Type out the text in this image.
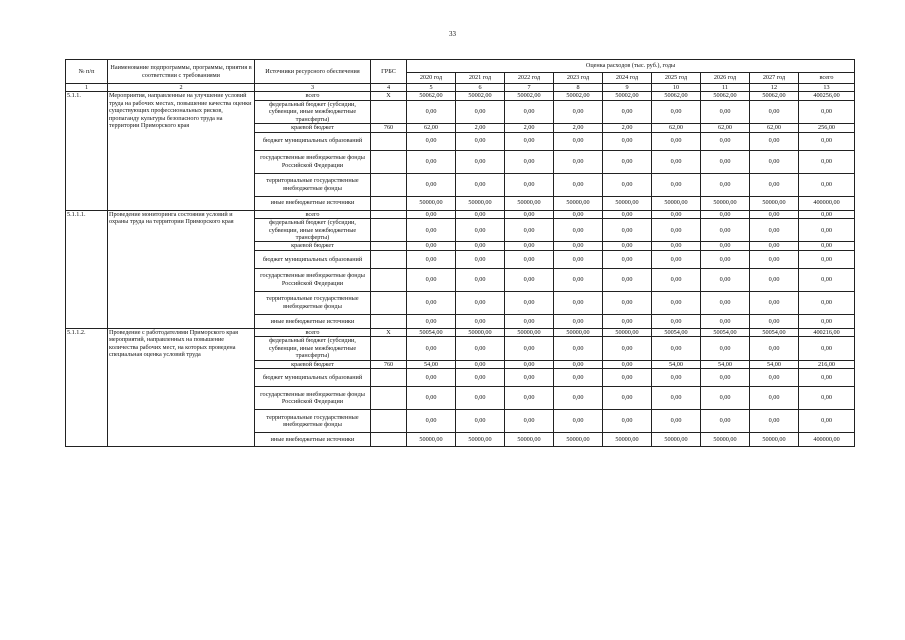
33
№ п/п	Наименование подпрограммы, программы, приятия в соответствии с требованиями	Источники ресурсного обеспечения	ГРБС	Оценка расходов (тыс. руб.), годы								
				2020 год	2021 год	2022 год	2023 год	2024 год	2025 год	2026 год	2027 год	всего
1	2	3	4	5	6	7	8	9	10	11	12	13
5.1.1.	Мероприятия, направленные на улучшение условий труда на рабочих местах, повышение качества оценки существующих профессиональных рисков, пропаганду культуры безопасного труда на территории Приморского края	всего	X	50062,00	50002,00	50002,00	50002,00	50002,00	50062,00	50062,00	50062,00	400256,00
		федеральный бюджет (субсидии, субвенции, иные межбюджетные трансферты)		0,00	0,00	0,00	0,00	0,00	0,00	0,00	0,00	0,00
		краевой бюджет	760	62,00	2,00	2,00	2,00	2,00	62,00	62,00	62,00	256,00
		бюджет муниципальных образований		0,00	0,00	0,00	0,00	0,00	0,00	0,00	0,00	0,00
		государственные внебюджетные фонды Российской Федерации		0,00	0,00	0,00	0,00	0,00	0,00	0,00	0,00	0,00
		территориальные государственные внебюджетные фонды		0,00	0,00	0,00	0,00	0,00	0,00	0,00	0,00	0,00
		иные внебюджетные источники		50000,00	50000,00	50000,00	50000,00	50000,00	50000,00	50000,00	50000,00	400000,00
5.1.1.1.	Проведение мониторинга состояния условий и охраны труда на территории Приморского края	всего		0,00	0,00	0,00	0,00	0,00	0,00	0,00	0,00	0,00
		федеральный бюджет (субсидии, субвенции, иные межбюджетные трансферты)		0,00	0,00	0,00	0,00	0,00	0,00	0,00	0,00	0,00
		краевой бюджет		0,00	0,00	0,00	0,00	0,00	0,00	0,00	0,00	0,00
		бюджет муниципальных образований		0,00	0,00	0,00	0,00	0,00	0,00	0,00	0,00	0,00
		государственные внебюджетные фонды Российской Федерации		0,00	0,00	0,00	0,00	0,00	0,00	0,00	0,00	0,00
		территориальные государственные внебюджетные фонды		0,00	0,00	0,00	0,00	0,00	0,00	0,00	0,00	0,00
		иные внебюджетные источники		0,00	0,00	0,00	0,00	0,00	0,00	0,00	0,00	0,00
5.1.1.2.	Проведение с работодателями Приморского края мероприятий, направленных на повышение количества рабочих мест, на которых проведена специальная оценка условий труда	всего	X	50054,00	50000,00	50000,00	50000,00	50000,00	50054,00	50054,00	50054,00	400216,00
		федеральный бюджет (субсидии, субвенции, иные межбюджетные трансферты)		0,00	0,00	0,00	0,00	0,00	0,00	0,00	0,00	0,00
		краевой бюджет	760	54,00	0,00	0,00	0,00	0,00	54,00	54,00	54,00	216,00
		бюджет муниципальных образований		0,00	0,00	0,00	0,00	0,00	0,00	0,00	0,00	0,00
		государственные внебюджетные фонды Российской Федерации		0,00	0,00	0,00	0,00	0,00	0,00	0,00	0,00	0,00
		территориальные государственные внебюджетные фонды		0,00	0,00	0,00	0,00	0,00	0,00	0,00	0,00	0,00
		иные внебюджетные источники		50000,00	50000,00	50000,00	50000,00	50000,00	50000,00	50000,00	50000,00	400000,00
